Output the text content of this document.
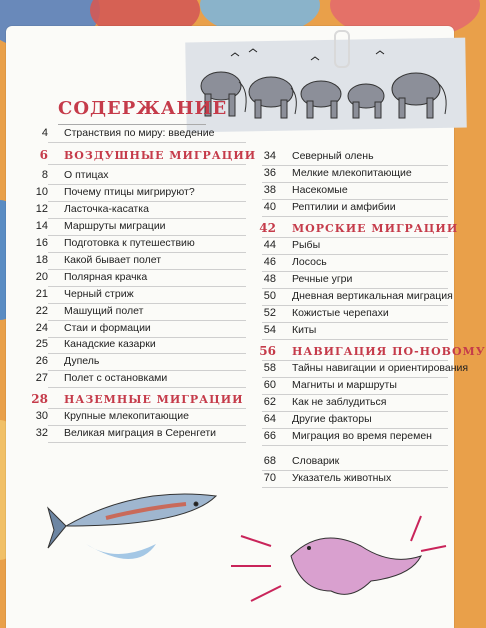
СОДЕРЖАНИЕ
4 Странствия по миру: введение
6 ВОЗДУШНЫЕ МИГРАЦИИ
8 О птицах
10 Почему птицы мигрируют?
12 Ласточка-касатка
14 Маршруты миграции
16 Подготовка к путешествию
18 Какой бывает полет
20 Полярная крачка
21 Черный стриж
22 Машущий полет
24 Стаи и формации
25 Канадские казарки
26 Дупель
27 Полет с остановками
28 НАЗЕМНЫЕ МИГРАЦИИ
30 Крупные млекопитающие
32 Великая миграция в Серенгети
34 Северный олень
36 Мелкие млекопитающие
38 Насекомые
40 Рептилии и амфибии
42 МОРСКИЕ МИГРАЦИИ
44 Рыбы
46 Лосось
48 Речные угри
50 Дневная вертикальная миграция
52 Кожистые черепахи
54 Киты
56 НАВИГАЦИЯ ПО-НОВОМУ
58 Тайны навигации и ориентирования
60 Магниты и маршруты
62 Как не заблудиться
64 Другие факторы
66 Миграция во время перемен
68 Словарик
70 Указатель животных
